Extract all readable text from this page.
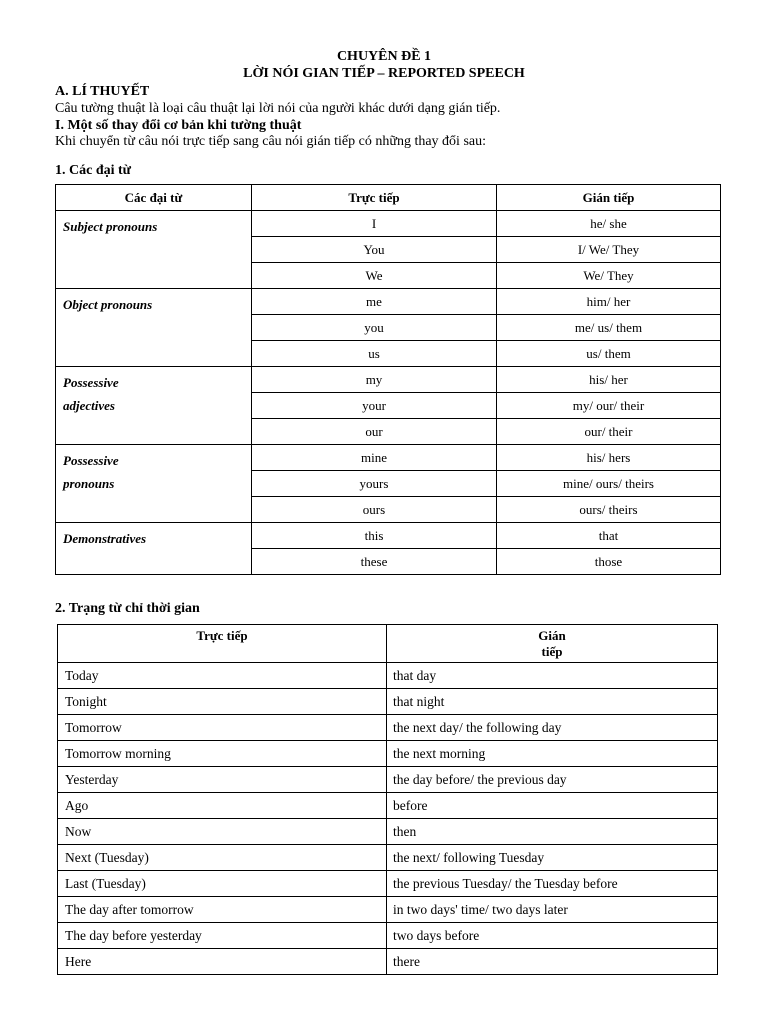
CHUYÊN ĐỀ 1
LỜI NÓI GIAN TIẾP – REPORTED SPEECH
A. LÍ THUYẾT
Câu tường thuật là loại câu thuật lại lời nói của người khác dưới dạng gián tiếp.
I. Một số thay đổi cơ bản khi tường thuật
Khi chuyển từ câu nói trực tiếp sang câu nói gián tiếp có những thay đổi sau:
1. Các đại từ
Các đại từ	Trực tiếp	Gián tiếp

Subject pronouns	I	he/ she
	You	I/ We/ They
	We	We/ They

Object pronouns	me	him/ her
	you	me/ us/ them
	us	us/ them

Possessive
adjectives	my	his/ her
	your	my/ our/ their
	our	our/ their

Possessive
pronouns	mine	his/ hers
	yours	mine/ ours/ theirs
	ours	ours/ theirs

Demonstratives	this	that
	these	those
2. Trạng từ chỉ thời gian
Trực tiếp	Gián
tiếp
Today	that day
Tonight	that night
Tomorrow	the next day/ the following day
Tomorrow morning	the next morning
Yesterday	the day before/ the previous day
Ago	before
Now	then
Next (Tuesday)	the next/ following Tuesday
Last (Tuesday)	the previous Tuesday/ the Tuesday before
The day after tomorrow	in two days' time/ two days later
The day before yesterday	two days before
Here	there
